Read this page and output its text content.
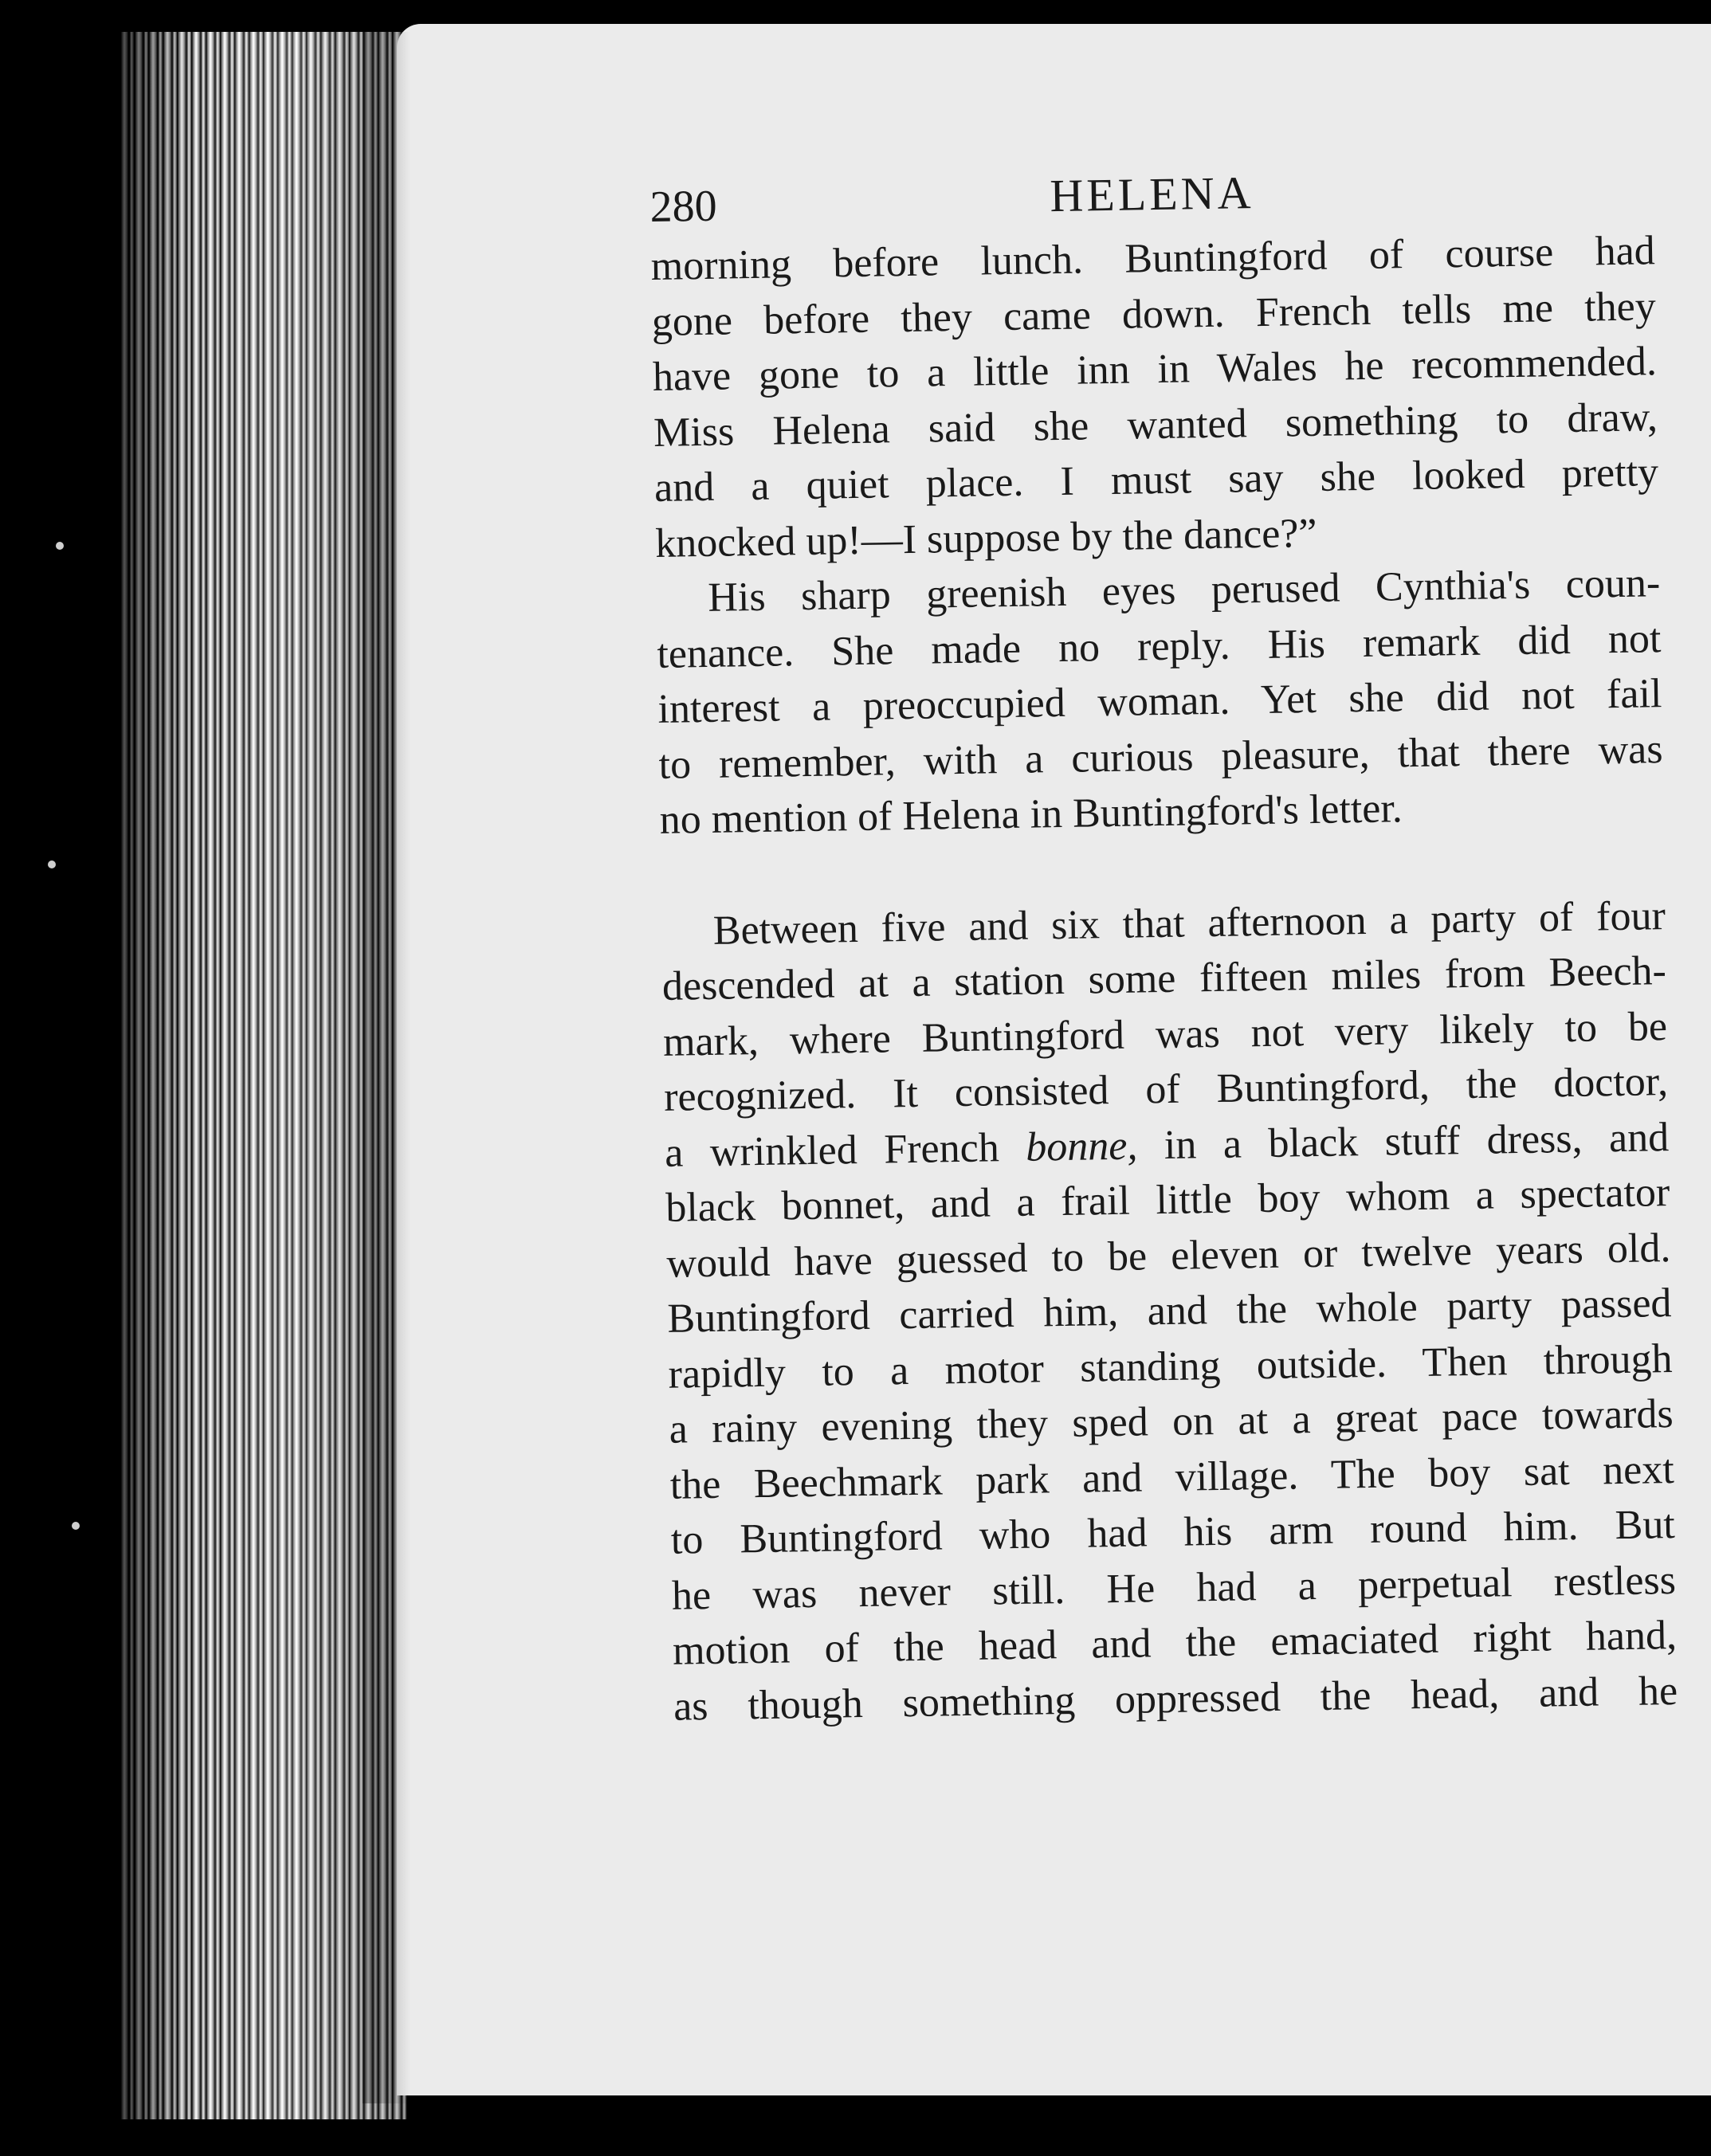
280	HELENA
morning before lunch. Buntingford of course had
gone before they came down. French tells me they
have gone to a little inn in Wales he recommended.
Miss Helena said she wanted something to draw,
and a quiet place. I must say she looked pretty
knocked up!—I suppose by the dance?”
His sharp greenish eyes perused Cynthia's coun-
tenance. She made no reply. His remark did not
interest a preoccupied woman. Yet she did not fail
to remember, with a curious pleasure, that there was
no mention of Helena in Buntingford's letter.
Between five and six that afternoon a party of four
descended at a station some fifteen miles from Beech-
mark, where Buntingford was not very likely to be
recognized. It consisted of Buntingford, the doctor,
a wrinkled French bonne, in a black stuff dress, and
black bonnet, and a frail little boy whom a spectator
would have guessed to be eleven or twelve years old.
Buntingford carried him, and the whole party passed
rapidly to a motor standing outside. Then through
a rainy evening they sped on at a great pace towards
the Beechmark park and village. The boy sat next
to Buntingford who had his arm round him. But
he was never still. He had a perpetual restless
motion of the head and the emaciated right hand,
as though something oppressed the head, and he
